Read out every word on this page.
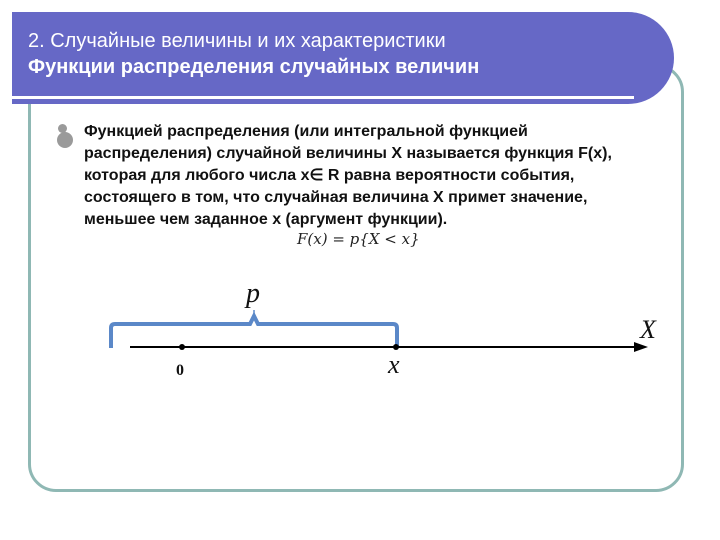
2. Случайные величины и их характеристики
Функции распределения случайных величин
Функцией распределения (или интегральной функцией
распределения) случайной величины X называется функция F(x),
которая для любого числа x∈ R равна вероятности события,
состоящего в том, что случайная величина X примет значение,
меньшее чем заданное x (аргумент функции).
F(x) = p{X < x}
p
X
0	x
